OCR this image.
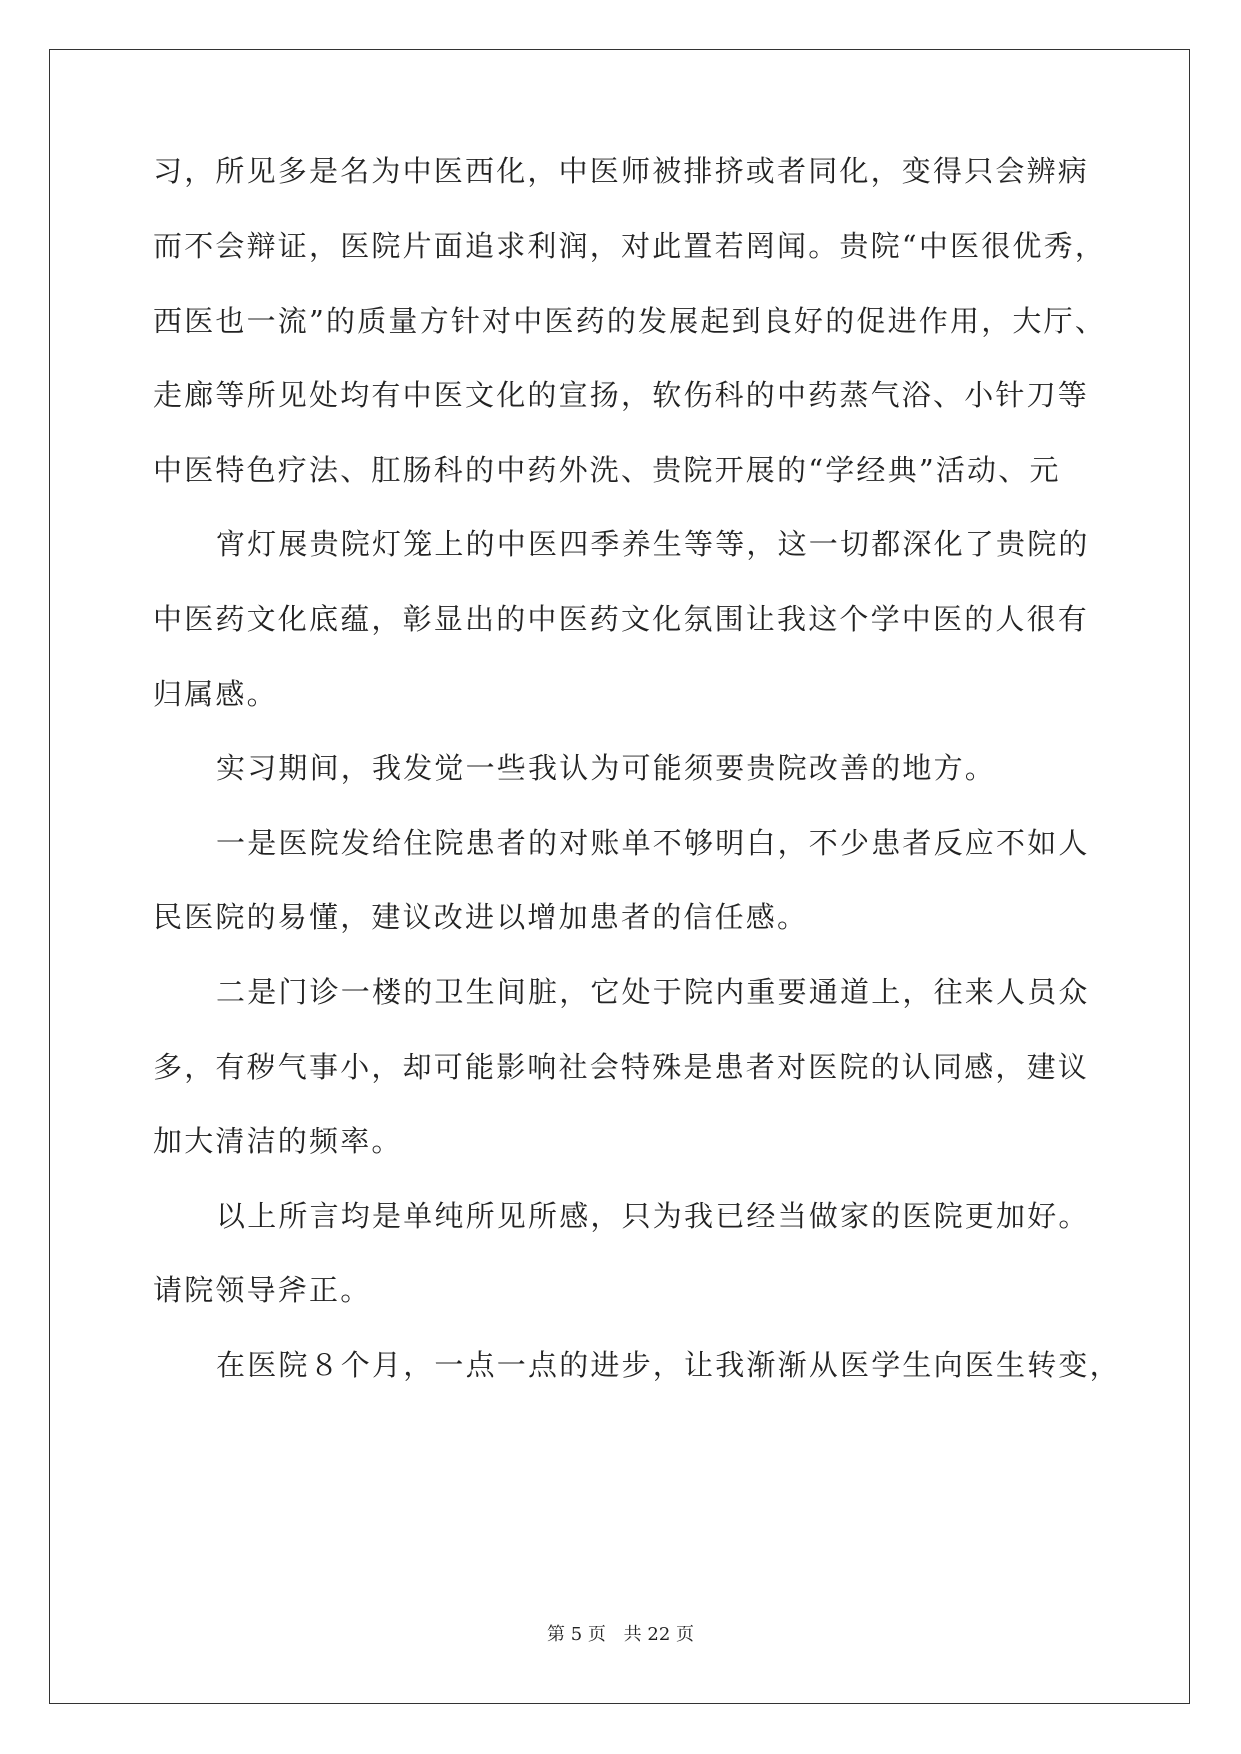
习，所见多是名为中医西化，中医师被排挤或者同化，变得只会辨病
而不会辩证，医院片面追求利润，对此置若罔闻。贵院“中医很优秀，
西医也一流”的质量方针对中医药的发展起到良好的促进作用，大厅、
走廊等所见处均有中医文化的宣扬，软伤科的中药蒸气浴、小针刀等
中医特色疗法、肛肠科的中药外洗、贵院开展的“学经典”活动、元
宵灯展贵院灯笼上的中医四季养生等等，这一切都深化了贵院的
中医药文化底蕴，彰显出的中医药文化氛围让我这个学中医的人很有
归属感。
实习期间，我发觉一些我认为可能须要贵院改善的地方。
一是医院发给住院患者的对账单不够明白，不少患者反应不如人
民医院的易懂，建议改进以增加患者的信任感。
二是门诊一楼的卫生间脏，它处于院内重要通道上，往来人员众
多，有秽气事小，却可能影响社会特殊是患者对医院的认同感，建议
加大清洁的频率。
以上所言均是单纯所见所感，只为我已经当做家的医院更加好。
请院领导斧正。
在医院８个月，一点一点的进步，让我渐渐从医学生向医生转变，
第 5 页 共 22 页
